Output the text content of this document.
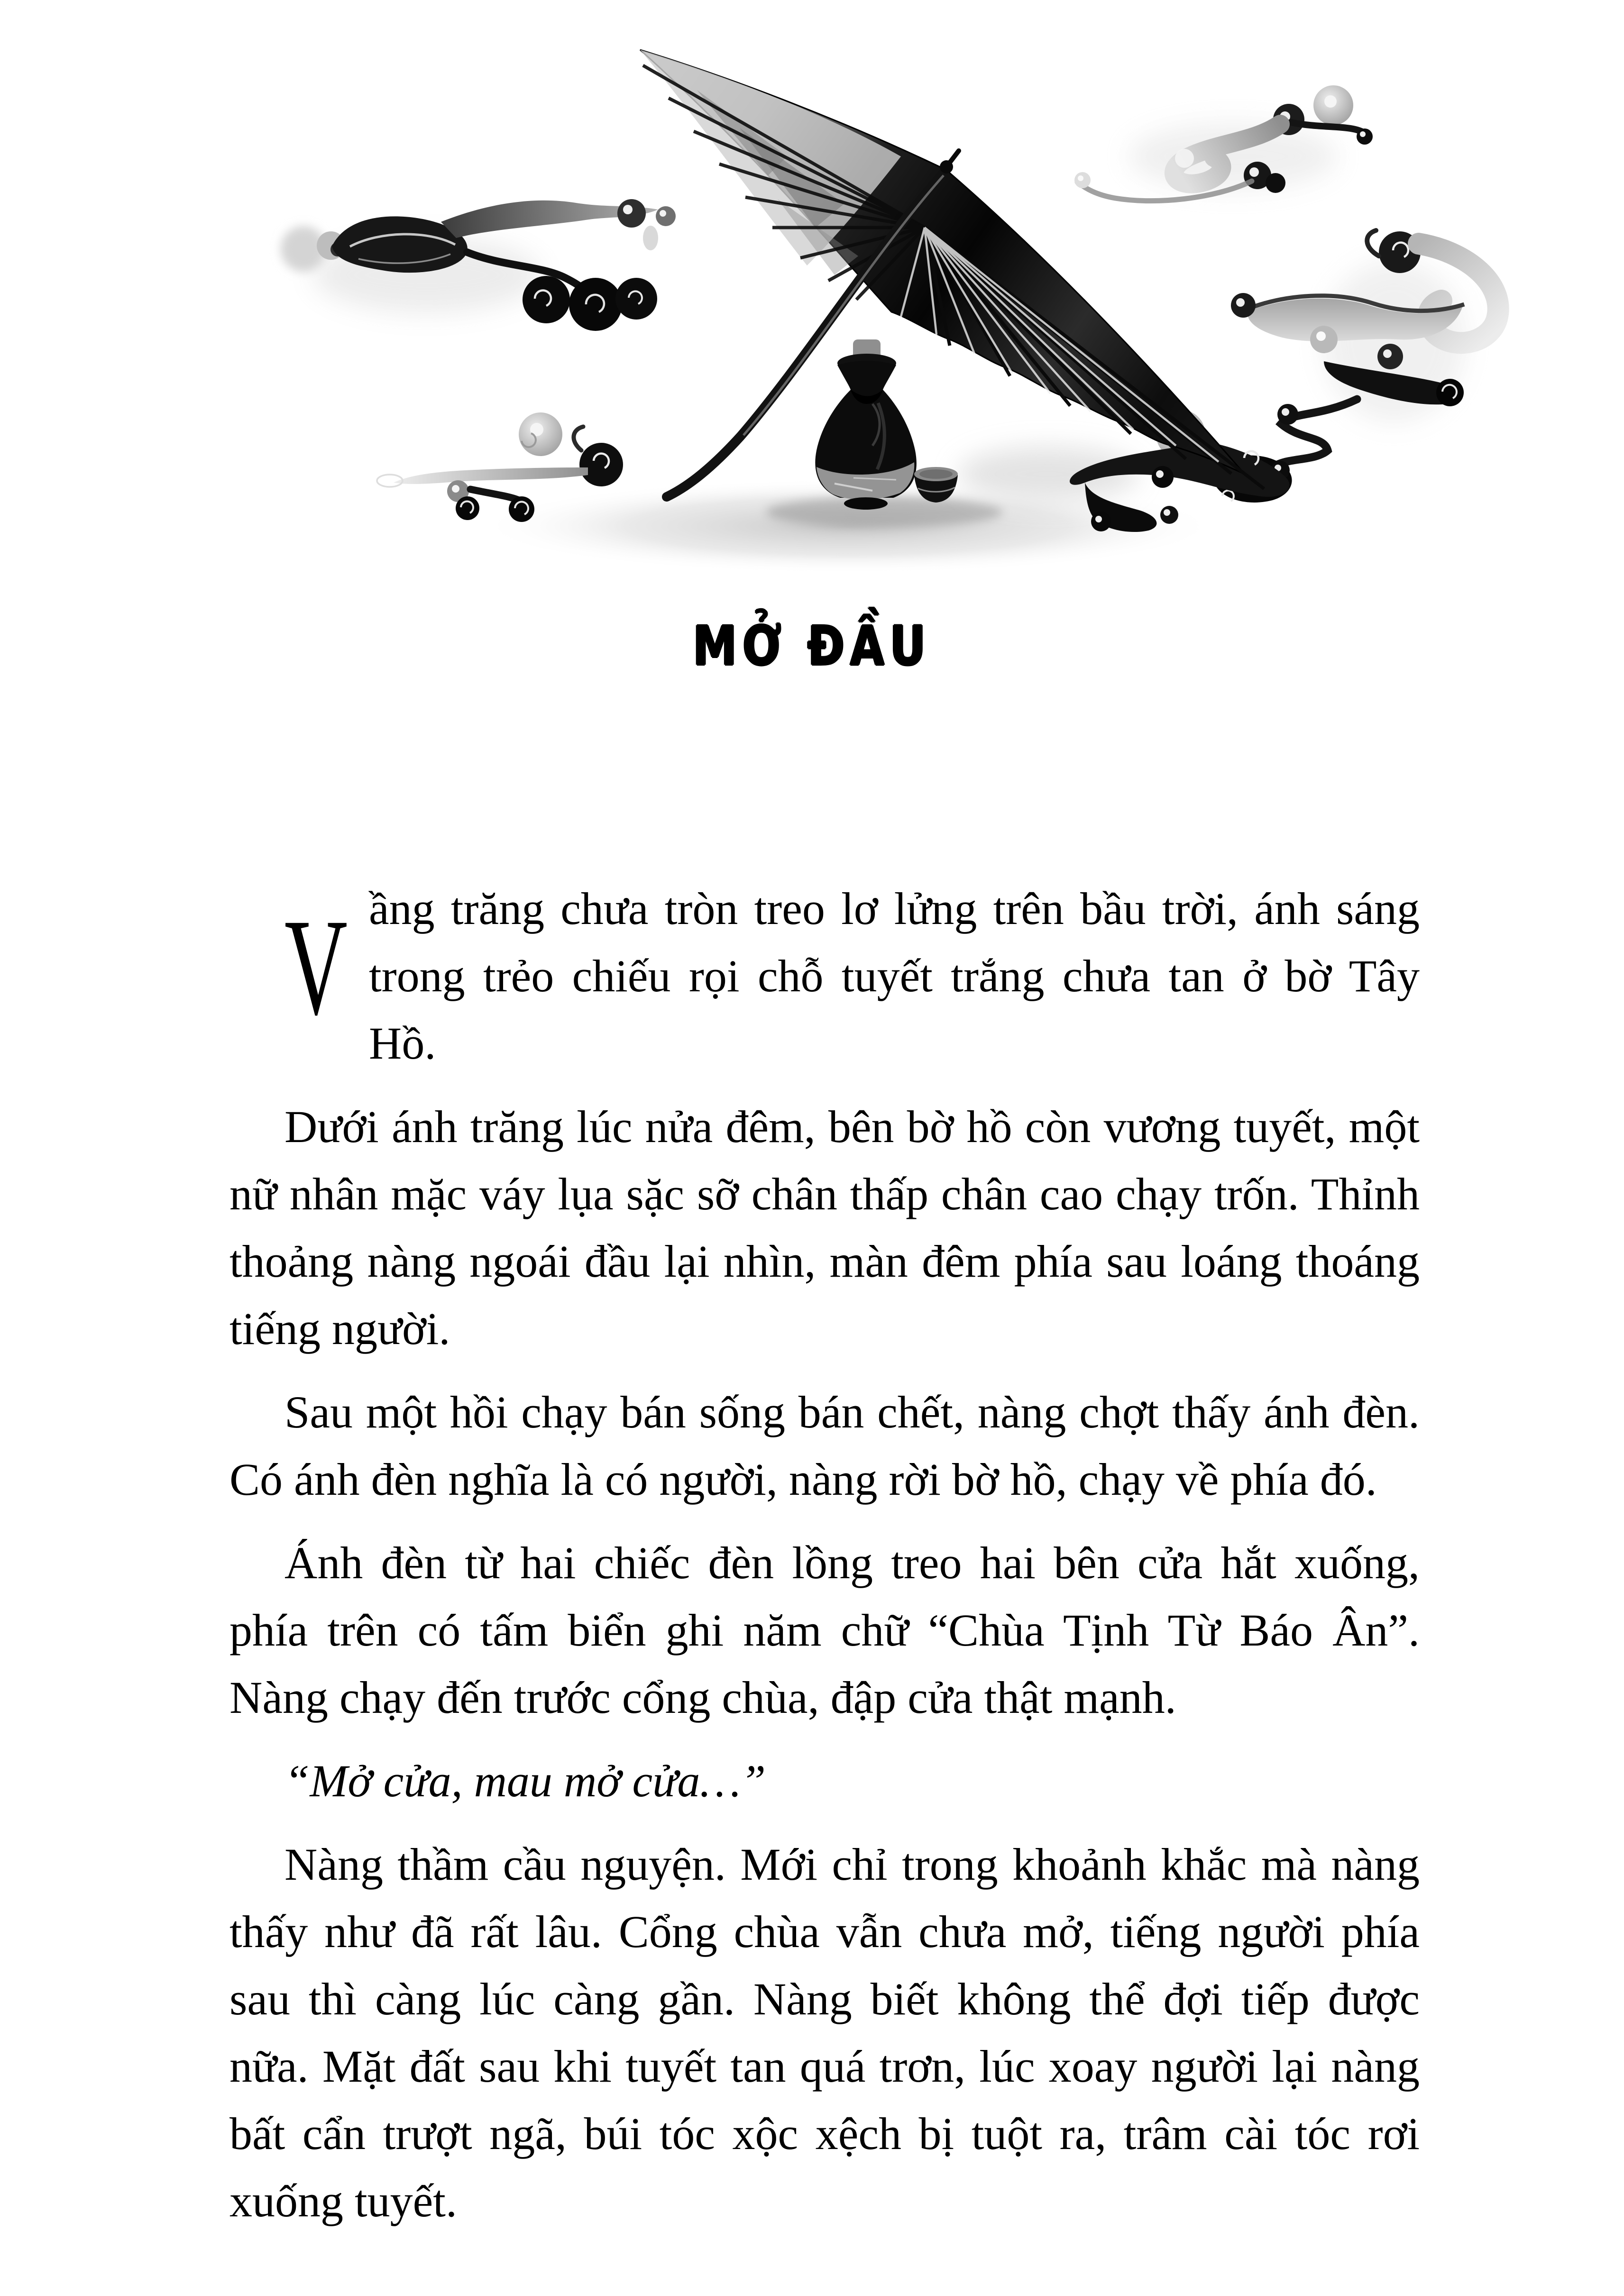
MỞ ĐẦU

Vầng trăng chưa tròn treo lơ lửng trên bầu trời, ánh sáng trong trẻo chiếu rọi chỗ tuyết trắng chưa tan ở bờ Tây Hồ.

Dưới ánh trăng lúc nửa đêm, bên bờ hồ còn vương tuyết, một nữ nhân mặc váy lụa sặc sỡ chân thấp chân cao chạy trốn. Thỉnh thoảng nàng ngoái đầu lại nhìn, màn đêm phía sau loáng thoáng tiếng người.

Sau một hồi chạy bán sống bán chết, nàng chợt thấy ánh đèn. Có ánh đèn nghĩa là có người, nàng rời bờ hồ, chạy về phía đó.

Ánh đèn từ hai chiếc đèn lồng treo hai bên cửa hắt xuống, phía trên có tấm biển ghi năm chữ “Chùa Tịnh Từ Báo Ân”. Nàng chạy đến trước cổng chùa, đập cửa thật mạnh.

“Mở cửa, mau mở cửa…”

Nàng thầm cầu nguyện. Mới chỉ trong khoảnh khắc mà nàng thấy như đã rất lâu. Cổng chùa vẫn chưa mở, tiếng người phía sau thì càng lúc càng gần. Nàng biết không thể đợi tiếp được nữa. Mặt đất sau khi tuyết tan quá trơn, lúc xoay người lại nàng bất cẩn trượt ngã, búi tóc xộc xệch bị tuột ra, trâm cài tóc rơi xuống tuyết.
